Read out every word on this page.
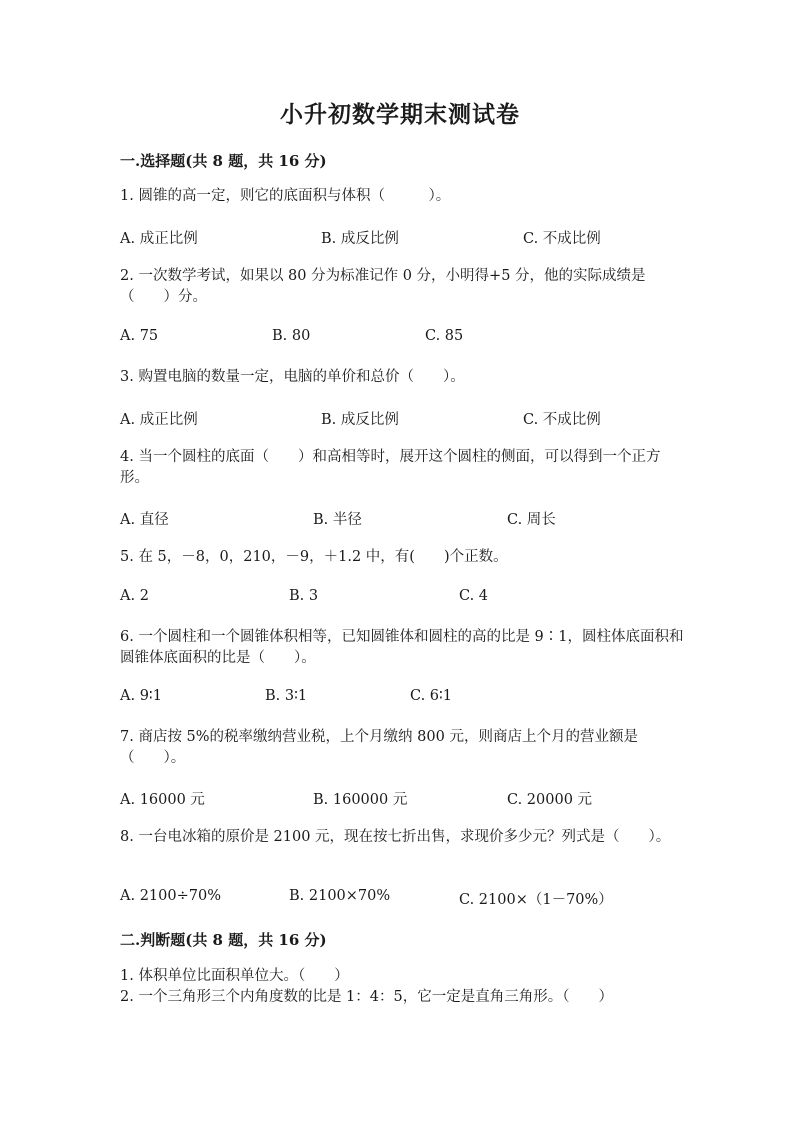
小升初数学期末测试卷
一.选择题(共 8 题，共 16 分)
1. 圆锥的高一定，则它的底面积与体积（　　　）。
A. 成正比例	B. 成反比例	C. 不成比例
2. 一次数学考试，如果以 80 分为标准记作 0 分，小明得+5 分，他的实际成绩是（　　）分。
A. 75	B. 80	C. 85
3. 购置电脑的数量一定，电脑的单价和总价（　　）。
A. 成正比例	B. 成反比例	C. 不成比例
4. 当一个圆柱的底面（　　）和高相等时，展开这个圆柱的侧面，可以得到一个正方形。
A. 直径	B. 半径	C. 周长
5. 在 5，－8，0，210，－9，＋1.2 中，有(　　)个正数。
A. 2	B. 3	C. 4
6. 一个圆柱和一个圆锥体积相等，已知圆锥体和圆柱的高的比是 9∶1，圆柱体底面积和圆锥体底面积的比是（　　）。
A. 9∶1	B. 3∶1	C. 6∶1
7. 商店按 5%的税率缴纳营业税，上个月缴纳 800 元，则商店上个月的营业额是（　　）。
A. 16000 元	B. 160000 元	C. 20000 元
8. 一台电冰箱的原价是 2100 元，现在按七折出售，求现价多少元？列式是（　　）。
A. 2100÷70%	B. 2100×70%	C. 2100×（1－70%）
二.判断题(共 8 题，共 16 分)
1. 体积单位比面积单位大。（　　）
2. 一个三角形三个内角度数的比是 1：4：5，它一定是直角三角形。（　　）
